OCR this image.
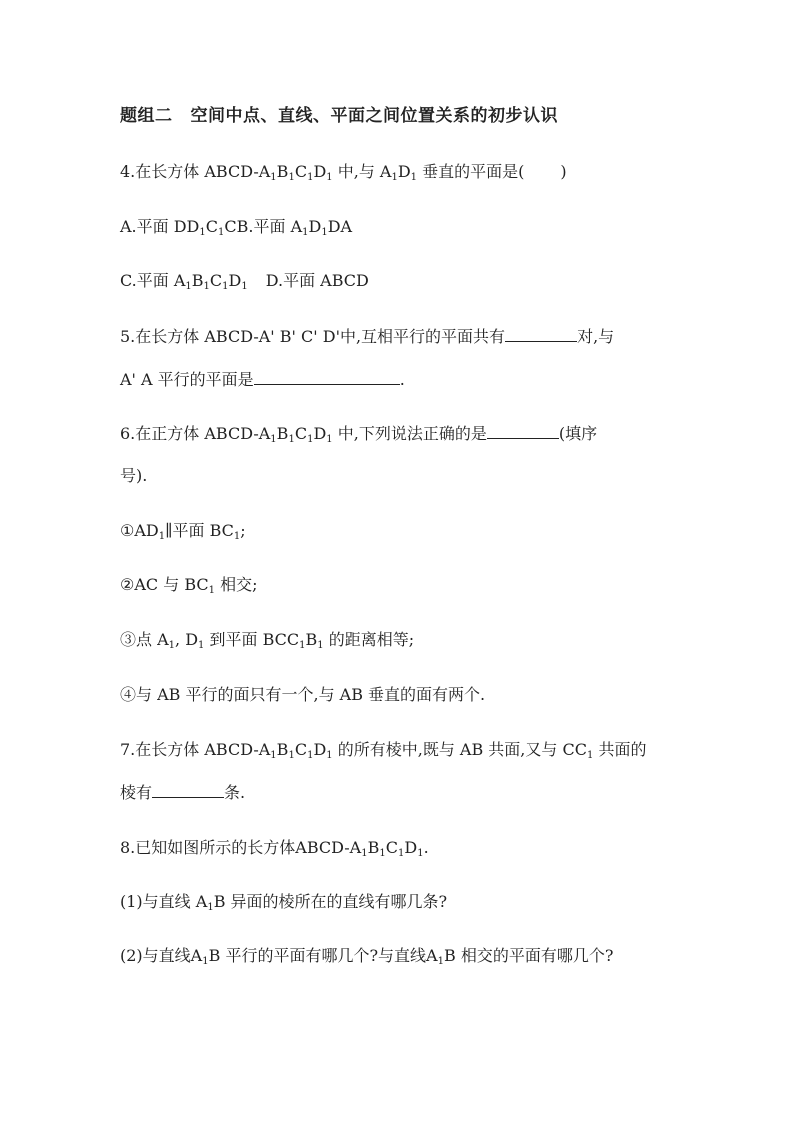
题组二 空间中点、直线、平面之间位置关系的初步认识
4.在长方体 ABCD-$A_1B_1C_1D_1$ 中,与 $A_1D_1$ 垂直的平面是( )
A.平面 $DD_1C_1CB$.平面 $A_1D_1DA$
C.平面 $A_1B_1C_1D_1$ D.平面 ABCD
5.在长方体 ABCD-A' B' C' D'中,互相平行的平面共有	对,与
A' A 平行的平面是	.
6.在正方体 ABCD-$A_1B_1C_1D_1$ 中,下列说法正确的是	(填序
号).
$①AD_1\parallel$平面 $BC_1$;
②AC 与 $BC_1$ 相交;
③点 $A_1$, $D_1$ 到平面 $BCC_1B_1$ 的距离相等;
④与 AB 平行的面只有一个,与 AB 垂直的面有两个.
7.在长方体 ABCD-$A_1B_1C_1D_1$ 的所有棱中,既与 AB 共面,又与 $CC_1$ 共面的
棱有	条.
8.已知如图所示的长方体ABCD-$A_1B_1C_1D_1$.
(1)与直线 $A_1B$ 异面的棱所在的直线有哪几条?
(2)与直线$A_1B$ 平行的平面有哪几个?与直线$A_1B$ 相交的平面有哪几个?
